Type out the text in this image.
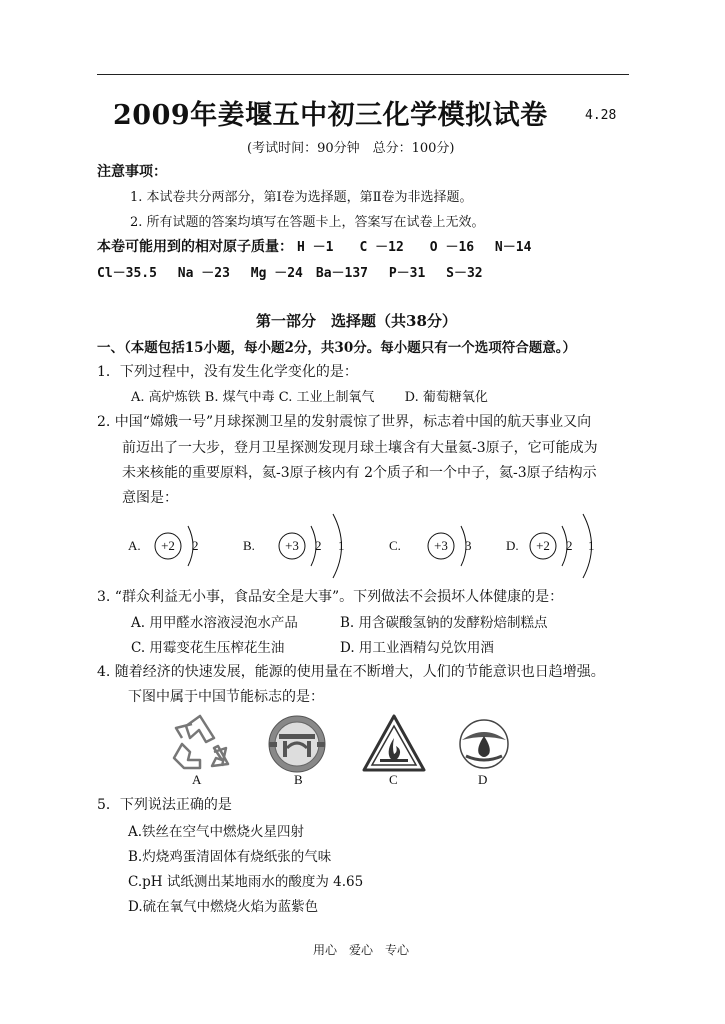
2009年姜堰五中初三化学模拟试卷	4.28
(考试时间：90分钟　总分：100分)
注意事项：
1. 本试卷共分两部分，第Ⅰ卷为选择题，第Ⅱ卷为非选择题。
2. 所有试题的答案均填写在答题卡上，答案写在试卷上无效。
本卷可能用到的相对原子质量： H －1　　C －12　　O －16　 N－14
Cl－35.5　 Na －23　 Mg －24　Ba－137　 P－31　 S－32
第一部分　选择题（共38分）
一、（本题包括15小题，每小题2分，共30分。每小题只有一个选项符合题意。）
1．下列过程中，没有发生化学变化的是：
A. 高炉炼铁 B. 煤气中毒 C. 工业上制氧气　　 D. 葡萄糖氧化
2. 中国“嫦娥一号”月球探测卫星的发射震惊了世界，标志着中国的航天事业又向
前迈出了一大步，登月卫星探测发现月球土壤含有大量氦-3原子，它可能成为
未来核能的重要原料，氦-3原子核内有 2个质子和一个中子，氦-3原子结构示
意图是：
A. +2 2	B. +3 2 1	C.	+3 3	D. +2 2 1
3. “群众利益无小事，食品安全是大事”。下列做法不会损坏人体健康的是：
A. 用甲醛水溶液浸泡水产品	B. 用含碳酸氢钠的发酵粉焙制糕点
C. 用霉变花生压榨花生油	D. 用工业酒精勾兑饮用酒
4. 随着经济的快速发展，能源的使用量在不断增大，人们的节能意识也日趋增强。
下图中属于中国节能标志的是：
A	B	C	D
5．下列说法正确的是
A.铁丝在空气中燃烧火星四射
B.灼烧鸡蛋清固体有烧纸张的气味
C.pH 试纸测出某地雨水的酸度为 4.65
D.硫在氧气中燃烧火焰为蓝紫色
用心　爱心　专心
